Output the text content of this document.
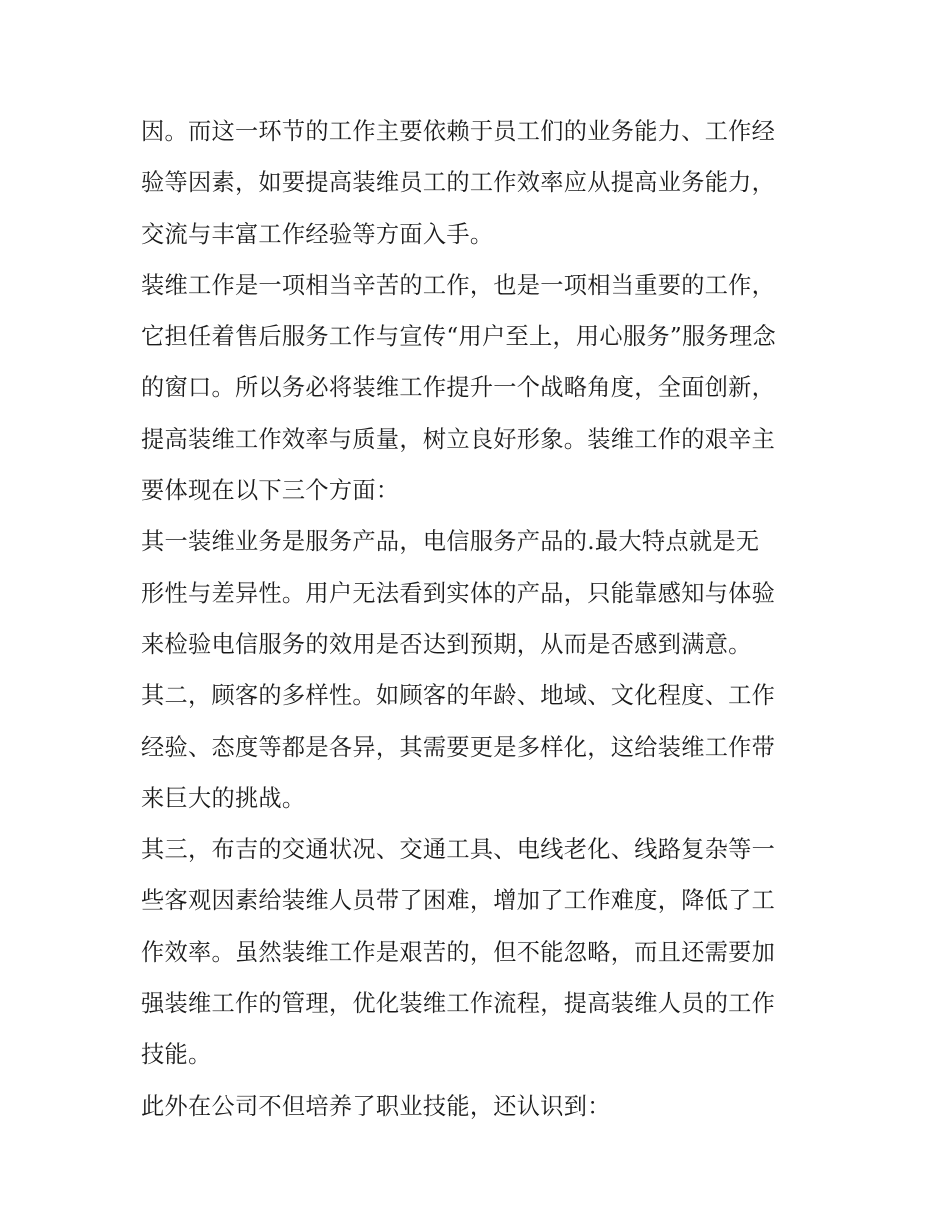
因。而这一环节的工作主要依赖于员工们的业务能力、工作经
验等因素，如要提高装维员工的工作效率应从提高业务能力，
交流与丰富工作经验等方面入手。
装维工作是一项相当辛苦的工作，也是一项相当重要的工作，
它担任着售后服务工作与宣传“用户至上，用心服务”服务理念
的窗口。所以务必将装维工作提升一个战略角度，全面创新，
提高装维工作效率与质量，树立良好形象。装维工作的艰辛主
要体现在以下三个方面：
其一装维业务是服务产品，电信服务产品的.最大特点就是无
形性与差异性。用户无法看到实体的产品，只能靠感知与体验
来检验电信服务的效用是否达到预期，从而是否感到满意。
其二，顾客的多样性。如顾客的年龄、地域、文化程度、工作
经验、态度等都是各异，其需要更是多样化，这给装维工作带
来巨大的挑战。
其三，布吉的交通状况、交通工具、电线老化、线路复杂等一
些客观因素给装维人员带了困难，增加了工作难度，降低了工
作效率。虽然装维工作是艰苦的，但不能忽略，而且还需要加
强装维工作的管理，优化装维工作流程，提高装维人员的工作
技能。
此外在公司不但培养了职业技能，还认识到：
